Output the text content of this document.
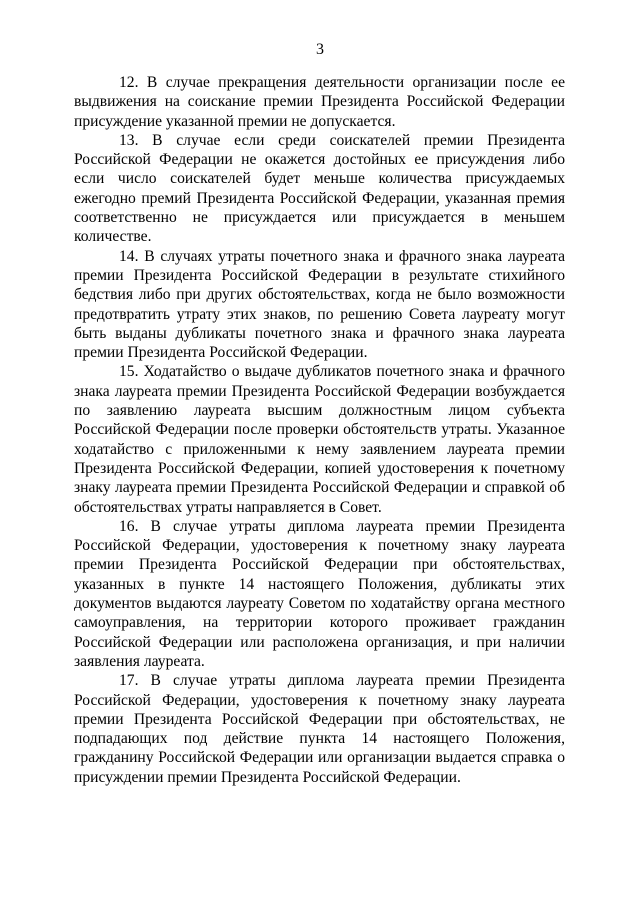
3

12. В случае прекращения деятельности организации после ее выдвижения на соискание премии Президента Российской Федерации присуждение указанной премии не допускается.

13. В случае если среди соискателей премии Президента Российской Федерации не окажется достойных ее присуждения либо если число соискателей будет меньше количества присуждаемых ежегодно премий Президента Российской Федерации, указанная премия соответственно не присуждается или присуждается в меньшем количестве.

14. В случаях утраты почетного знака и фрачного знака лауреата премии Президента Российской Федерации в результате стихийного бедствия либо при других обстоятельствах, когда не было возможности предотвратить утрату этих знаков, по решению Совета лауреату могут быть выданы дубликаты почетного знака и фрачного знака лауреата премии Президента Российской Федерации.

15. Ходатайство о выдаче дубликатов почетного знака и фрачного знака лауреата премии Президента Российской Федерации возбуждается по заявлению лауреата высшим должностным лицом субъекта Российской Федерации после проверки обстоятельств утраты. Указанное ходатайство с приложенными к нему заявлением лауреата премии Президента Российской Федерации, копией удостоверения к почетному знаку лауреата премии Президента Российской Федерации и справкой об обстоятельствах утраты направляется в Совет.

16. В случае утраты диплома лауреата премии Президента Российской Федерации, удостоверения к почетному знаку лауреата премии Президента Российской Федерации при обстоятельствах, указанных в пункте 14 настоящего Положения, дубликаты этих документов выдаются лауреату Советом по ходатайству органа местного самоуправления, на территории которого проживает гражданин Российской Федерации или расположена организация, и при наличии заявления лауреата.

17. В случае утраты диплома лауреата премии Президента Российской Федерации, удостоверения к почетному знаку лауреата премии Президента Российской Федерации при обстоятельствах, не подпадающих под действие пункта 14 настоящего Положения, гражданину Российской Федерации или организации выдается справка о присуждении премии Президента Российской Федерации.
